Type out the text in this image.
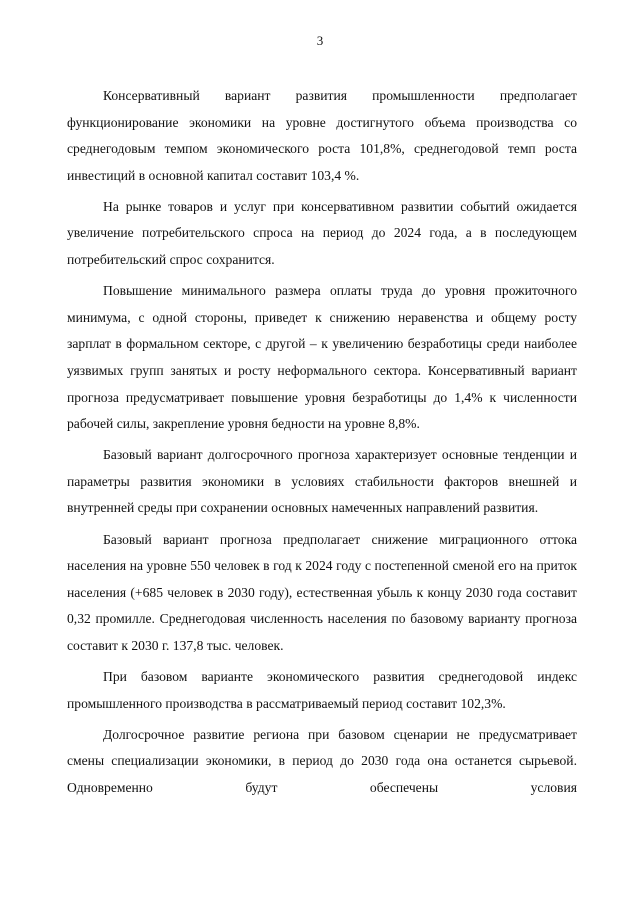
3

Консервативный вариант развития промышленности предполагает функционирование экономики на уровне достигнутого объема производства со среднегодовым темпом экономического роста 101,8%, среднегодовой темп роста инвестиций в основной капитал составит 103,4 %.

На рынке товаров и услуг при консервативном развитии событий ожидается увеличение потребительского спроса на период до 2024 года, а в последующем потребительский спрос сохранится.

Повышение минимального размера оплаты труда до уровня прожиточного минимума, с одной стороны, приведет к снижению неравенства и общему росту зарплат в формальном секторе, с другой – к увеличению безработицы среди наиболее уязвимых групп занятых и росту неформального сектора. Консервативный вариант прогноза предусматривает повышение уровня безработицы до 1,4% к численности рабочей силы, закрепление уровня бедности на уровне 8,8%.

Базовый вариант долгосрочного прогноза характеризует основные тенденции и параметры развития экономики в условиях стабильности факторов внешней и внутренней среды при сохранении основных намеченных направлений развития.

Базовый вариант прогноза предполагает снижение миграционного оттока населения на уровне 550 человек в год к 2024 году с постепенной сменой его на приток населения (+685 человек в 2030 году), естественная убыль к концу 2030 года составит 0,32 промилле. Среднегодовая численность населения по базовому варианту прогноза составит к 2030 г. 137,8 тыс. человек.

При базовом варианте экономического развития среднегодовой индекс промышленного производства в рассматриваемый период составит 102,3%.

Долгосрочное развитие региона при базовом сценарии не предусматривает смены специализации экономики, в период до 2030 года она останется сырьевой. Одновременно будут обеспечены условия
